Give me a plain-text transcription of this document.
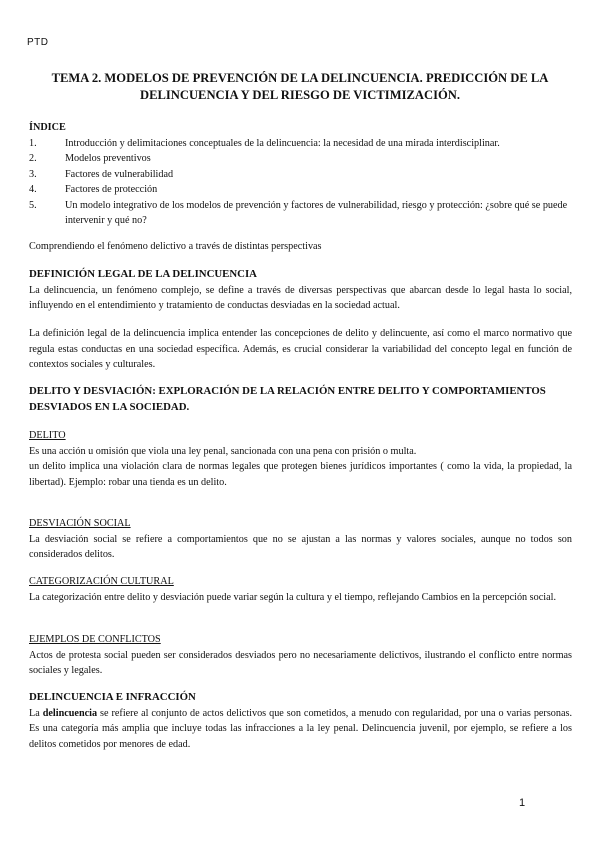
PTD
TEMA 2. MODELOS DE PREVENCIÓN DE LA DELINCUENCIA. PREDICCIÓN DE LA DELINCUENCIA Y DEL RIESGO DE VICTIMIZACIÓN.

ÍNDICE

1.	Introducción y delimitaciones conceptuales de la delincuencia: la necesidad de una mirada interdisciplinar.
2.	Modelos preventivos
3.	Factores de vulnerabilidad
4.	Factores de protección
5.	Un modelo integrativo de los modelos de prevención y factores de vulnerabilidad, riesgo y protección: ¿sobre qué se puede intervenir y qué no?
Comprendiendo el fenómeno delictivo a través de distintas perspectivas

DEFINICIÓN LEGAL DE LA DELINCUENCIA

La delincuencia, un fenómeno complejo, se define a través de diversas perspectivas que abarcan desde lo legal hasta lo social, influyendo en el entendimiento y tratamiento de conductas desviadas en la sociedad actual.

La definición legal de la delincuencia implica entender las concepciones de delito y delincuente, así como el marco normativo que regula estas conductas en una sociedad específica. Además, es crucial considerar la variabilidad del concepto legal en función de contextos sociales y culturales.
DELITO Y DESVIACIÓN: EXPLORACIÓN DE LA RELACIÓN ENTRE DELITO Y COMPORTAMIENTOS DESVIADOS EN LA SOCIEDAD.

DELITO

Es una acción u omisión que viola una ley penal, sancionada con una pena con prisión o multa.

un delito implica una violación clara de normas legales que protegen bienes jurídicos importantes ( como la vida, la propiedad, la libertad). Ejemplo: robar una tienda es un delito.

DESVIACIÓN SOCIAL

La desviación social se refiere a comportamientos que no se ajustan a las normas y valores sociales, aunque no todos son considerados delitos.

CATEGORIZACIÓN CULTURAL

La categorización entre delito y desviación puede variar según la cultura y el tiempo, reflejando Cambios en la percepción social.

EJEMPLOS DE CONFLICTOS

Actos de protesta social pueden ser considerados desviados pero no necesariamente delictivos, ilustrando el conflicto entre normas sociales y legales.

DELINCUENCIA E INFRACCIÓN

La delincuencia se refiere al conjunto de actos delictivos que son cometidos, a menudo con regularidad, por una o varias personas. Es una categoría más amplia que incluye todas las infracciones a la ley penal. Delincuencia juvenil, por ejemplo, se refiere a los delitos cometidos por menores de edad.

1
